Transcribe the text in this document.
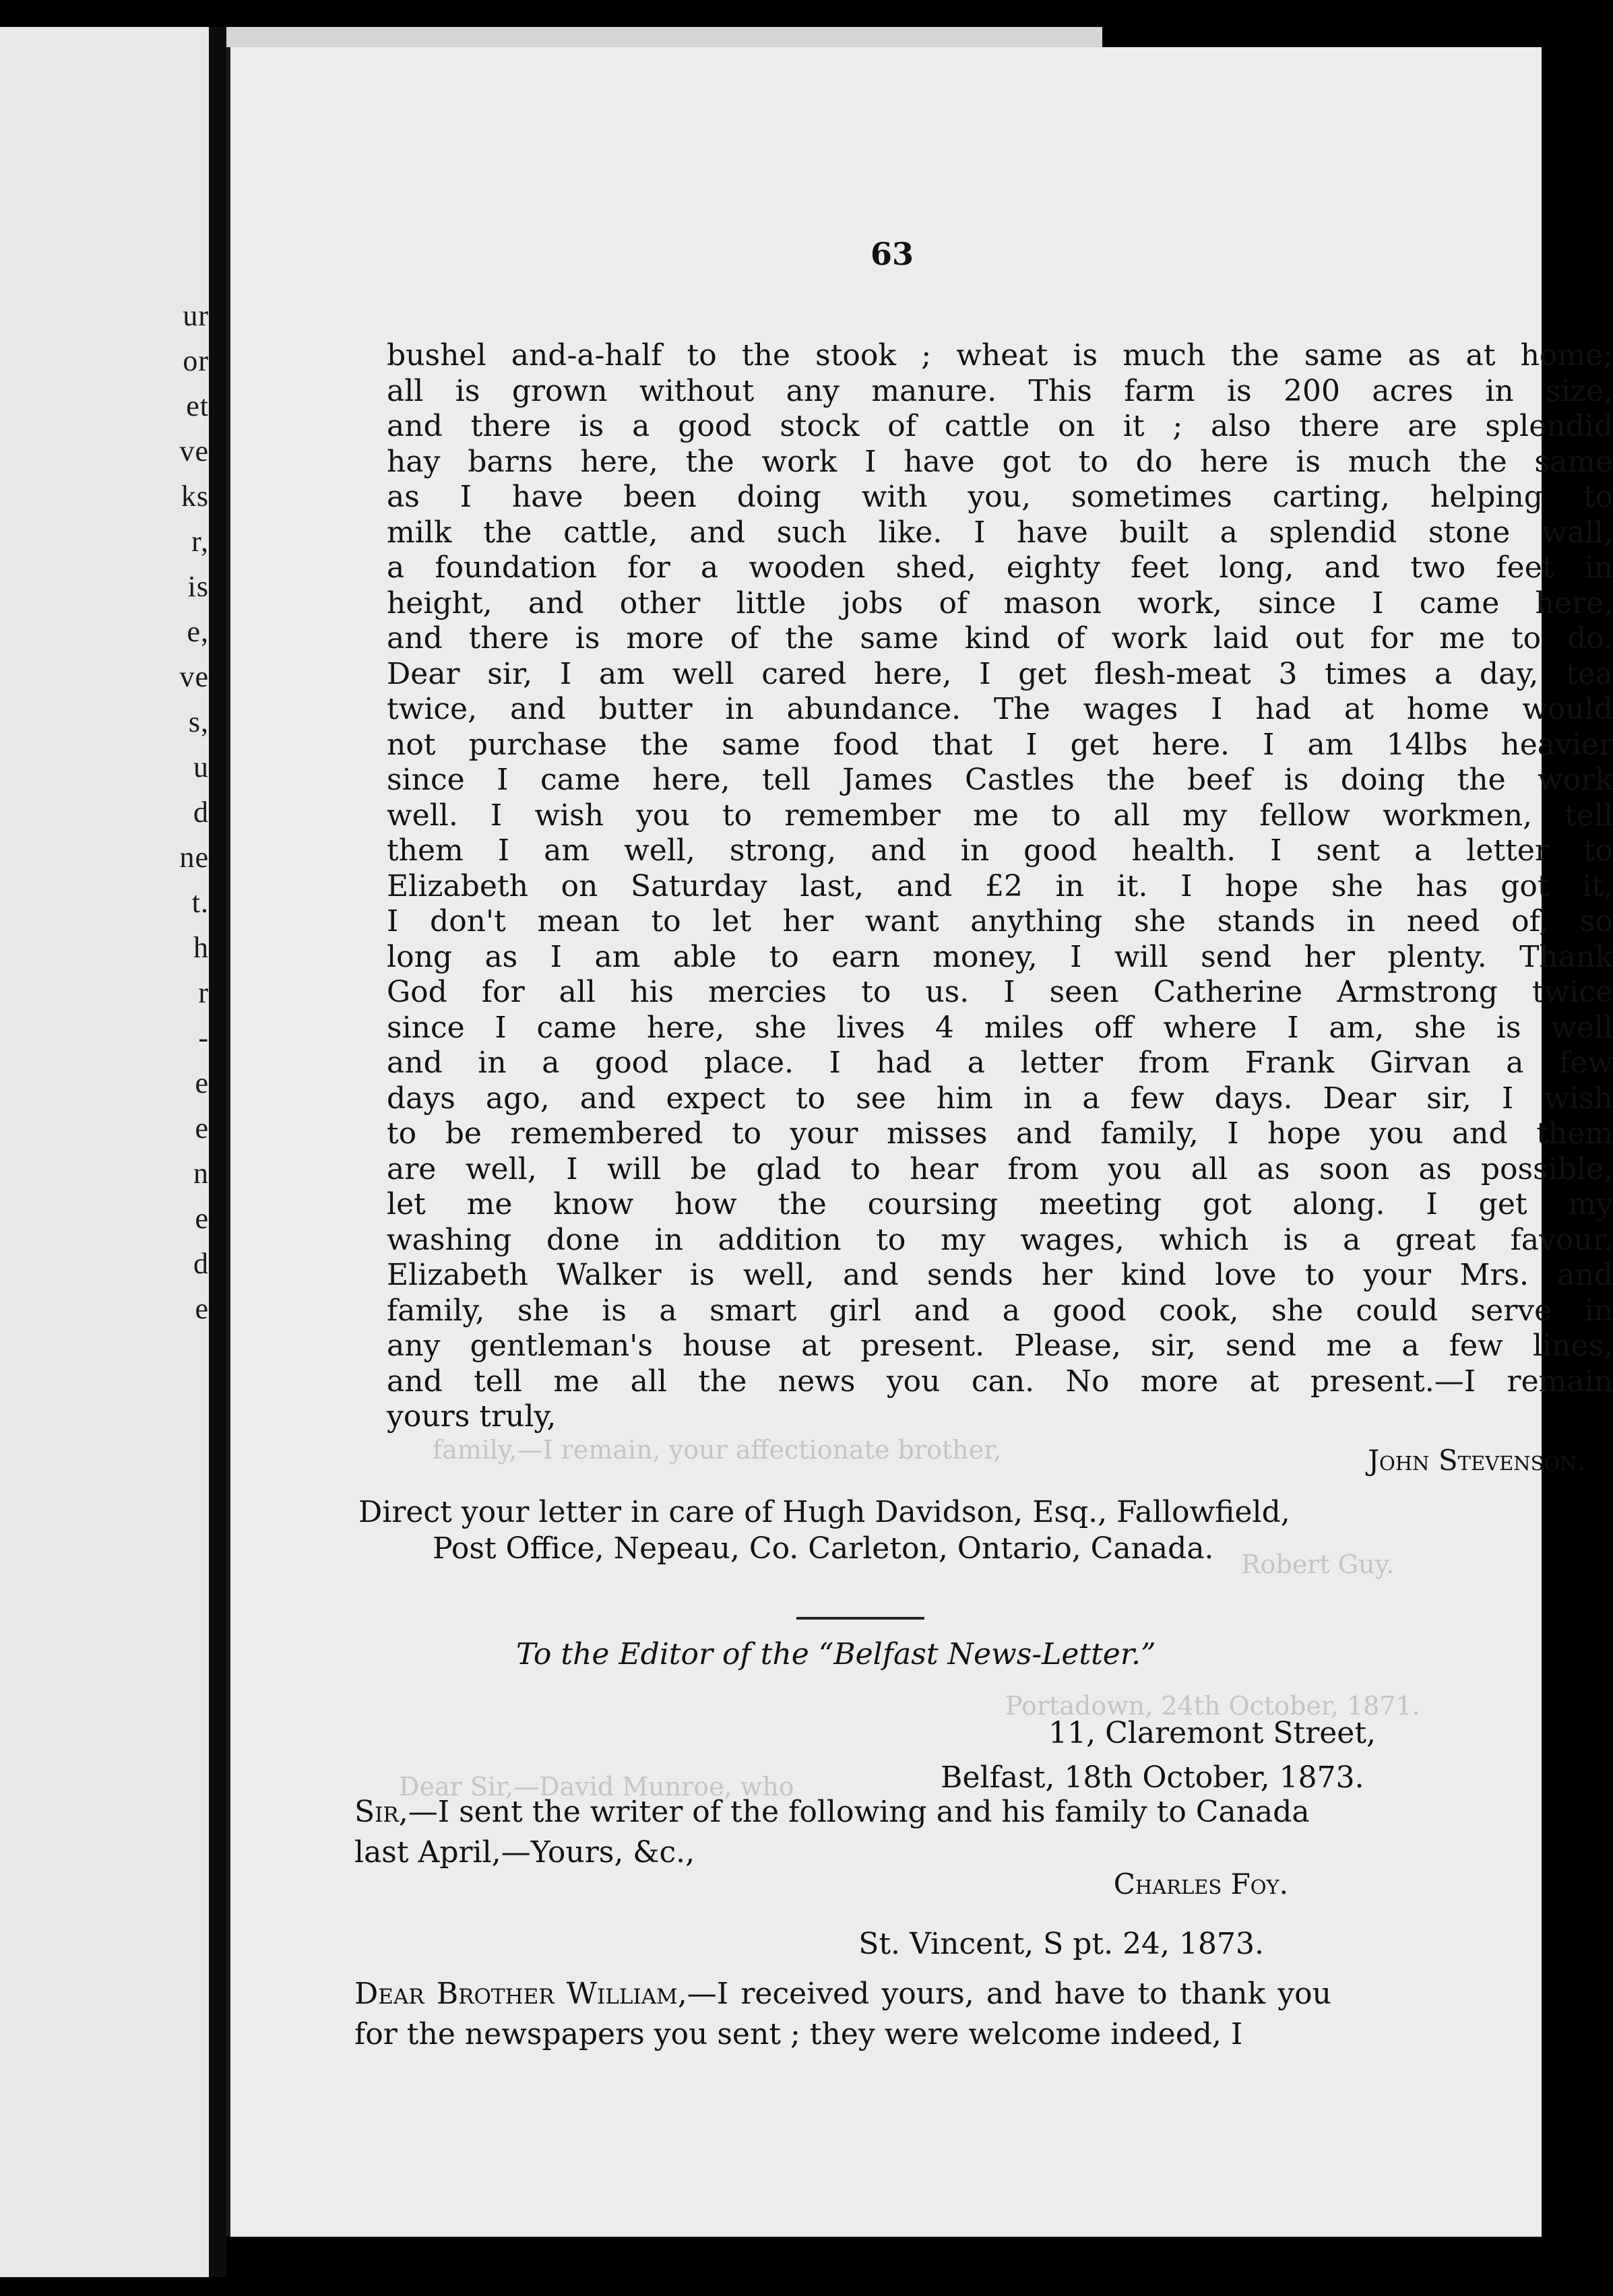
ur
or
et
ve
ks
r,
is
e,
ve
s,
u
d
ne
t.
h
r
-
e
e
n
e
d
e
family,—I remain, your affectionate brother,
Robert Guy.
Portadown, 24th October, 1871.
Dear Sir,—David Munroe, who
63

bushel and-a-half to the stook ; wheat is much the same as at home;

all is grown without any manure. This farm is 200 acres in size,

and there is a good stock of cattle on it ; also there are splendid

hay barns here, the work I have got to do here is much the same

as I have been doing with you, sometimes carting, helping to

milk the cattle, and such like. I have built a splendid stone wall,

a foundation for a wooden shed, eighty feet long, and two feet in

height, and other little jobs of mason work, since I came here,

and there is more of the same kind of work laid out for me to do.

Dear sir, I am well cared here, I get flesh-meat 3 times a day, tea

twice, and butter in abundance. The wages I had at home would

not purchase the same food that I get here. I am 14lbs heavier

since I came here, tell James Castles the beef is doing the work

well. I wish you to remember me to all my fellow workmen, tell

them I am well, strong, and in good health. I sent a letter to

Elizabeth on Saturday last, and £2 in it. I hope she has got it,

I don't mean to let her want anything she stands in need of, so

long as I am able to earn money, I will send her plenty. Thank

God for all his mercies to us. I seen Catherine Armstrong twice

since I came here, she lives 4 miles off where I am, she is well

and in a good place. I had a letter from Frank Girvan a few

days ago, and expect to see him in a few days. Dear sir, I wish

to be remembered to your misses and family, I hope you and them

are well, I will be glad to hear from you all as soon as possible,

let me know how the coursing meeting got along. I get my

washing done in addition to my wages, which is a great favour.

Elizabeth Walker is well, and sends her kind love to your Mrs. and

family, she is a smart girl and a good cook, she could serve in

any gentleman's house at present. Please, sir, send me a few lines,

and tell me all the news you can. No more at present.—I remain

yours truly,

John Stevenson.
Direct your letter in care of Hugh Davidson, Esq., Fallowfield,
Post Office, Nepeau, Co. Carleton, Ontario, Canada.
To the Editor of the “Belfast News-Letter.”
11, Claremont Street,
Belfast, 18th October, 1873.
Sir,—I sent the writer of the following and his family to Canada last April,—Yours, &c.,
Charles Foy.
St. Vincent, S pt. 24, 1873.
Dear Brother William,—I received yours, and have to thank you for the newspapers you sent ; they were welcome indeed, I
